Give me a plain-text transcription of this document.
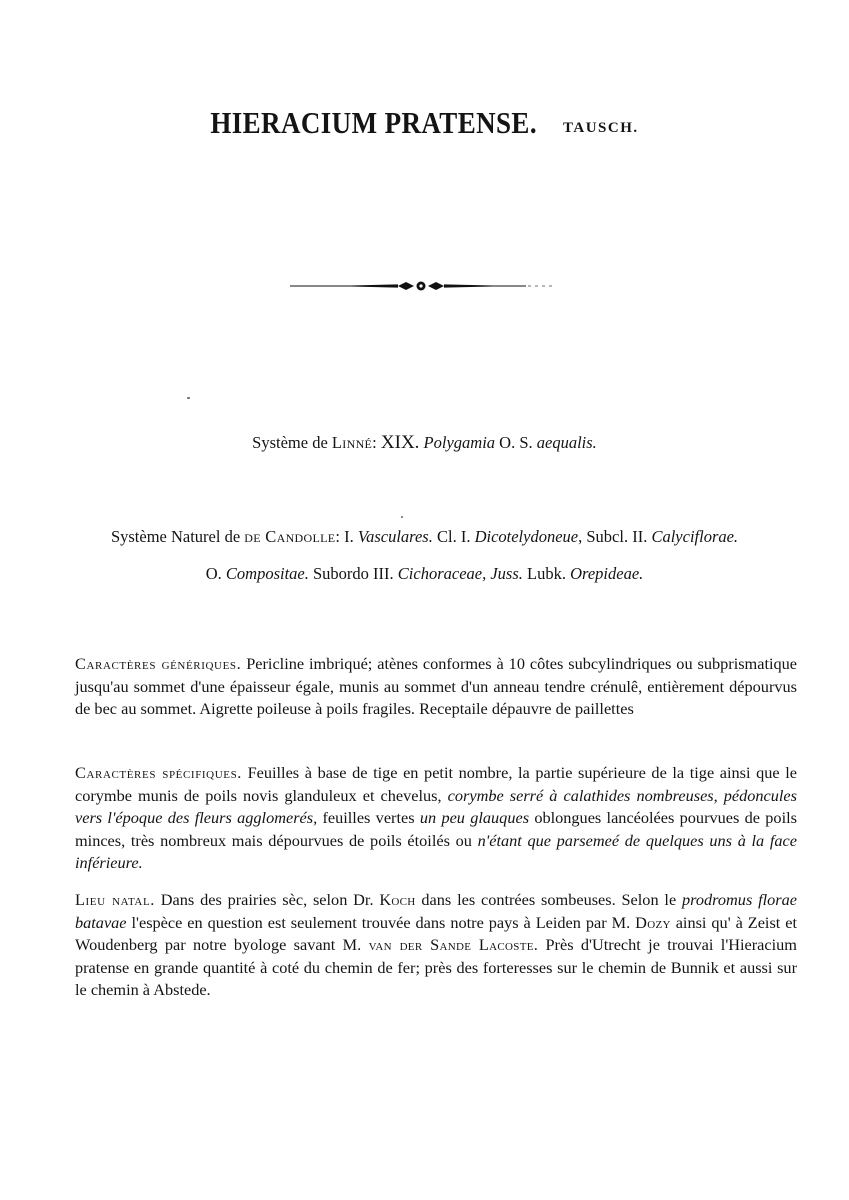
HIERACIUM PRATENSE. TAUSCH.
Système de Linné: XIX. Polygamia O. S. aequalis.
Système Naturel de de Candolle: I. Vasculares. Cl. I. Dicotelydoneue, Subcl. II. Calyciflorae.
O. Compositae. Subordo III. Cichoraceae, Juss. Lubk. Orepideae.

Caractères génériques. Pericline imbriqué; atènes conformes à 10 côtes subcylindriques ou subprismatique jusqu'au sommet d'une épaisseur égale, munis au sommet d'un anneau tendre crénulê, entièrement dépourvus de bec au sommet. Aigrette poileuse à poils fragiles. Receptaile dépauvre de paillettes

Caractères spécifiques. Feuilles à base de tige en petit nombre, la partie supérieure de la tige ainsi que le corymbe munis de poils novis glanduleux et chevelus, corymbe serré à calathides nombreuses, pédoncules vers l'époque des fleurs agglomerés, feuilles vertes un peu glauques oblongues lancéolées pourvues de poils minces, très nombreux mais dépourvues de poils étoilés ou n'étant que parsemeé de quelques uns à la face inférieure.

Lieu natal. Dans des prairies sèc, selon Dr. Koch dans les contrées sombeuses. Selon le prodromus florae batavae l'espèce en question est seulement trouvée dans notre pays à Leiden par M. Dozy ainsi qu' à Zeist et Woudenberg par notre byologe savant M. van der Sande Lacoste. Près d'Utrecht je trouvai l'Hieracium pratense en grande quantité à coté du chemin de fer; près des forteresses sur le chemin de Bunnik et aussi sur le chemin à Abstede.
